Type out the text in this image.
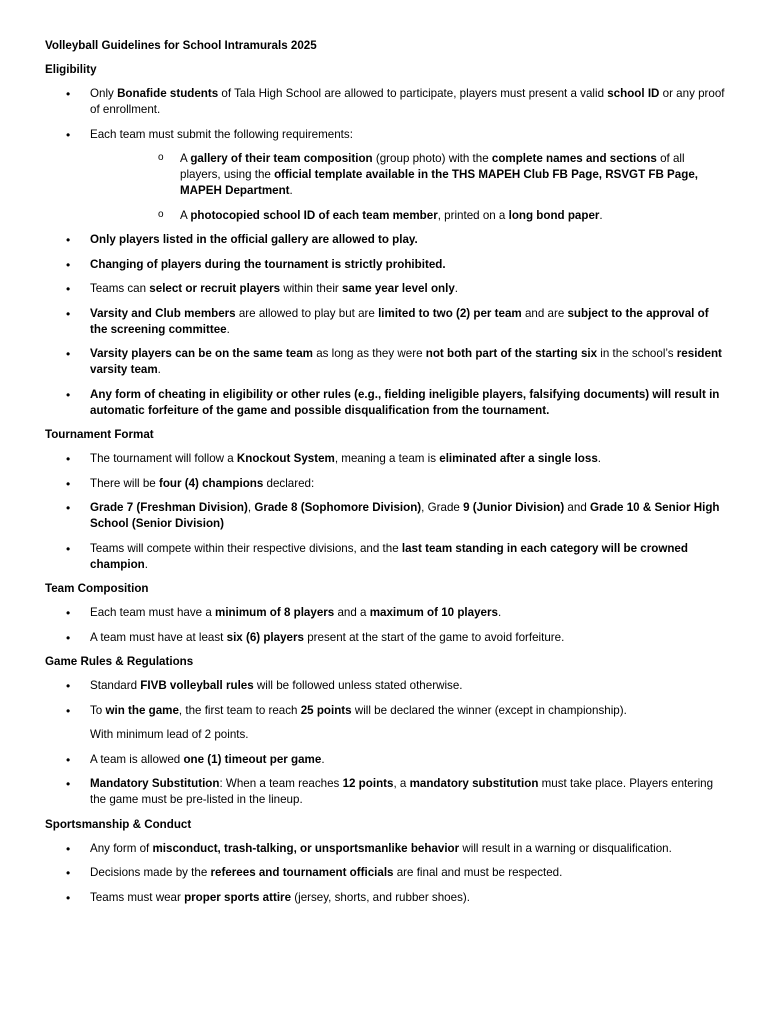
Volleyball Guidelines for School Intramurals 2025

Eligibility

• Only Bonafide students of Tala High School are allowed to participate, players must present a valid school ID or any proof of enrollment.
• Each team must submit the following requirements:
o A gallery of their team composition (group photo) with the complete names and sections of all players, using the official template available in the THS MAPEH Club FB Page, RSVGT FB Page, MAPEH Department.
o A photocopied school ID of each team member, printed on a long bond paper.
• Only players listed in the official gallery are allowed to play.
• Changing of players during the tournament is strictly prohibited.
• Teams can select or recruit players within their same year level only.
• Varsity and Club members are allowed to play but are limited to two (2) per team and are subject to the approval of the screening committee.
• Varsity players can be on the same team as long as they were not both part of the starting six in the school’s resident varsity team.
• Any form of cheating in eligibility or other rules (e.g., fielding ineligible players, falsifying documents) will result in automatic forfeiture of the game and possible disqualification from the tournament.

Tournament Format

• The tournament will follow a Knockout System, meaning a team is eliminated after a single loss.
• There will be four (4) champions declared:
• Grade 7 (Freshman Division), Grade 8 (Sophomore Division), Grade 9 (Junior Division) and Grade 10 & Senior High School (Senior Division)
• Teams will compete within their respective divisions, and the last team standing in each category will be crowned champion.

Team Composition

• Each team must have a minimum of 8 players and a maximum of 10 players.
• A team must have at least six (6) players present at the start of the game to avoid forfeiture.

Game Rules & Regulations

• Standard FIVB volleyball rules will be followed unless stated otherwise.
• To win the game, the first team to reach 25 points will be declared the winner (except in championship).
With minimum lead of 2 points.
• A team is allowed one (1) timeout per game.
• Mandatory Substitution: When a team reaches 12 points, a mandatory substitution must take place. Players entering the game must be pre-listed in the lineup.

Sportsmanship & Conduct

• Any form of misconduct, trash-talking, or unsportsmanlike behavior will result in a warning or disqualification.
• Decisions made by the referees and tournament officials are final and must be respected.
• Teams must wear proper sports attire (jersey, shorts, and rubber shoes).
